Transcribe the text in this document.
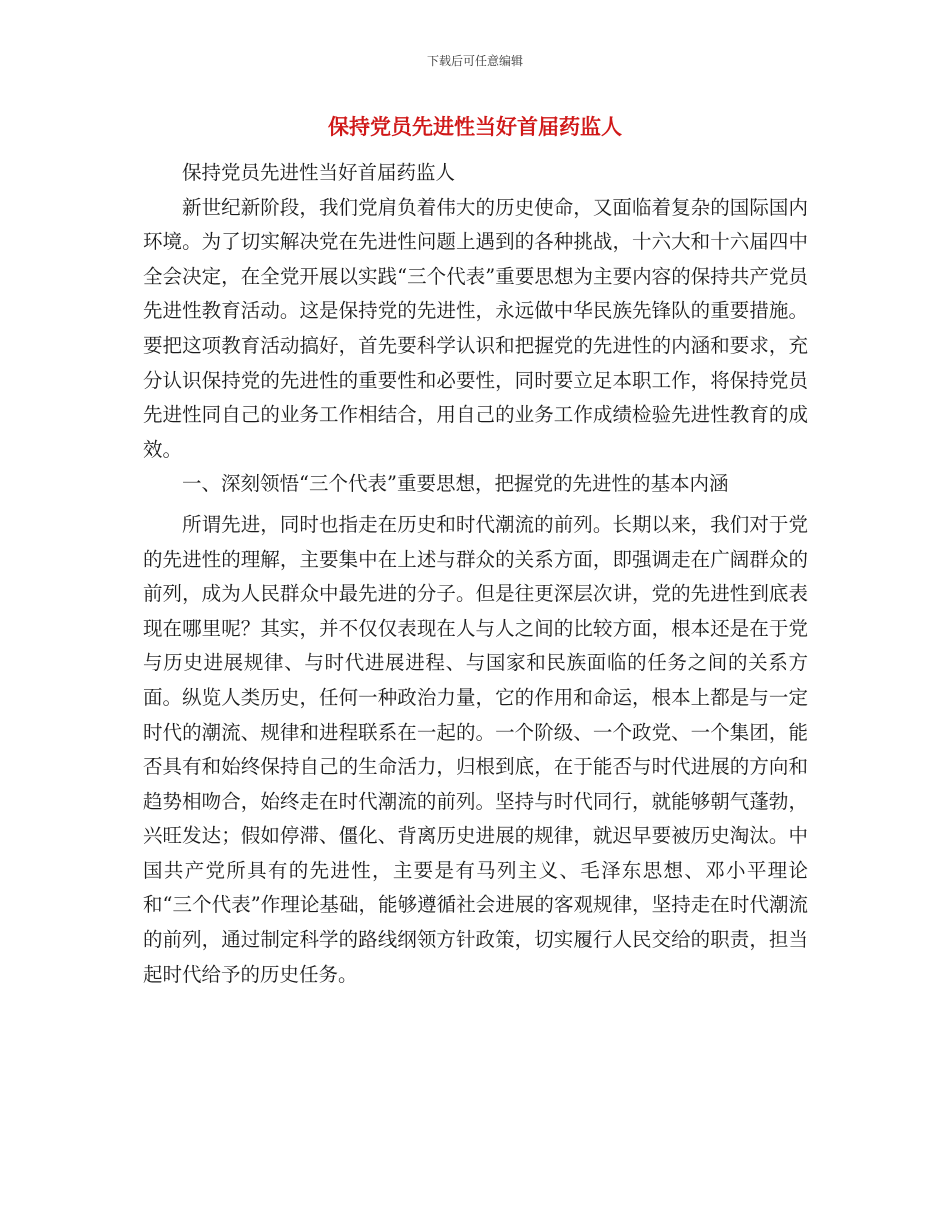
下载后可任意编辑
保持党员先进性当好首届药监人

保持党员先进性当好首届药监人

新世纪新阶段，我们党肩负着伟大的历史使命，又面临着复杂的国际国内环境。为了切实解决党在先进性问题上遇到的各种挑战，十六大和十六届四中全会决定，在全党开展以实践“三个代表”重要思想为主要内容的保持共产党员先进性教育活动。这是保持党的先进性，永远做中华民族先锋队的重要措施。要把这项教育活动搞好，首先要科学认识和把握党的先进性的内涵和要求，充分认识保持党的先进性的重要性和必要性，同时要立足本职工作，将保持党员先进性同自己的业务工作相结合，用自己的业务工作成绩检验先进性教育的成效。

一、深刻领悟“三个代表”重要思想，把握党的先进性的基本内涵

所谓先进，同时也指走在历史和时代潮流的前列。长期以来，我们对于党的先进性的理解，主要集中在上述与群众的关系方面，即强调走在广阔群众的前列，成为人民群众中最先进的分子。但是往更深层次讲，党的先进性到底表现在哪里呢？其实，并不仅仅表现在人与人之间的比较方面，根本还是在于党与历史进展规律、与时代进展进程、与国家和民族面临的任务之间的关系方面。纵览人类历史，任何一种政治力量，它的作用和命运，根本上都是与一定时代的潮流、规律和进程联系在一起的。一个阶级、一个政党、一个集团，能否具有和始终保持自己的生命活力，归根到底，在于能否与时代进展的方向和趋势相吻合，始终走在时代潮流的前列。坚持与时代同行，就能够朝气蓬勃，兴旺发达；假如停滞、僵化、背离历史进展的规律，就迟早要被历史淘汰。中国共产党所具有的先进性，主要是有马列主义、毛泽东思想、邓小平理论和“三个代表”作理论基础，能够遵循社会进展的客观规律，坚持走在时代潮流的前列，通过制定科学的路线纲领方针政策，切实履行人民交给的职责，担当起时代给予的历史任务。
